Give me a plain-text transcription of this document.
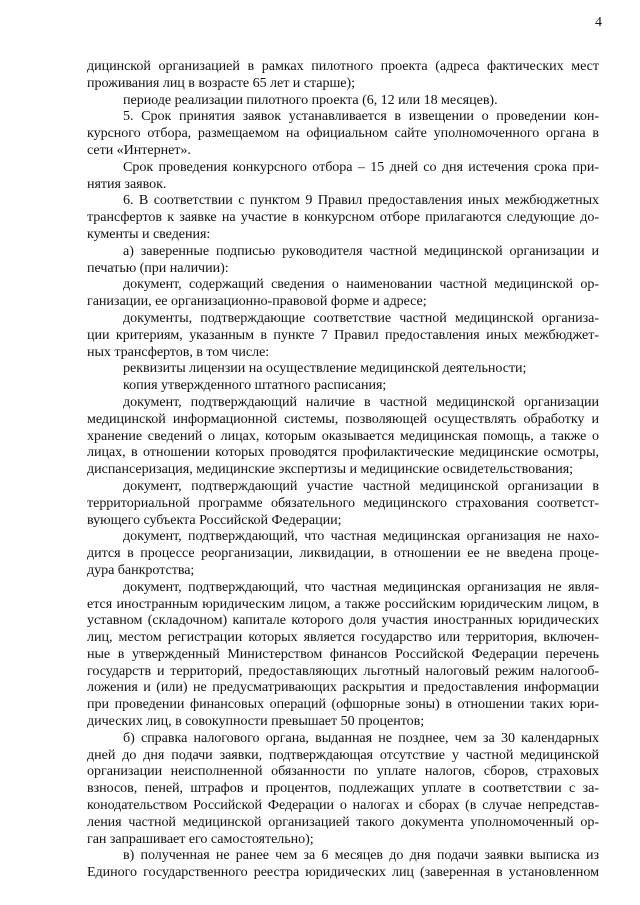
4
дицинской организацией в рамках пилотного проекта (адреса фактических мест
проживания лиц в возрасте 65 лет и старше);
периоде реализации пилотного проекта (6, 12 или 18 месяцев).
5. Срок принятия заявок устанавливается в извещении о проведении кон-
курсного отбора, размещаемом на официальном сайте уполномоченного органа в
сети «Интернет».
Срок проведения конкурсного отбора – 15 дней со дня истечения срока при-
нятия заявок.
6. В соответствии с пунктом 9 Правил предоставления иных межбюджетных
трансфертов к заявке на участие в конкурсном отборе прилагаются следующие до-
кументы и сведения:
а) заверенные подписью руководителя частной медицинской организации и
печатью (при наличии):
документ, содержащий сведения о наименовании частной медицинской ор-
ганизации, ее организационно-правовой форме и адресе;
документы, подтверждающие соответствие частной медицинской организа-
ции критериям, указанным в пункте 7 Правил предоставления иных межбюджет-
ных трансфертов, в том числе:
реквизиты лицензии на осуществление медицинской деятельности;
копия утвержденного штатного расписания;
документ, подтверждающий наличие в частной медицинской организации
медицинской информационной системы, позволяющей осуществлять обработку и
хранение сведений о лицах, которым оказывается медицинская помощь, а также о
лицах, в отношении которых проводятся профилактические медицинские осмотры,
диспансеризация, медицинские экспертизы и медицинские освидетельствования;
документ, подтверждающий участие частной медицинской организации в
территориальной программе обязательного медицинского страхования соответст-
вующего субъекта Российской Федерации;
документ, подтверждающий, что частная медицинская организация не нахо-
дится в процессе реорганизации, ликвидации, в отношении ее не введена проце-
дура банкротства;
документ, подтверждающий, что частная медицинская организация не явля-
ется иностранным юридическим лицом, а также российским юридическим лицом, в
уставном (складочном) капитале которого доля участия иностранных юридических
лиц, местом регистрации которых является государство или территория, включен-
ные в утвержденный Министерством финансов Российской Федерации перечень
государств и территорий, предоставляющих льготный налоговый режим налогооб-
ложения и (или) не предусматривающих раскрытия и предоставления информации
при проведении финансовых операций (офшорные зоны) в отношении таких юри-
дических лиц, в совокупности превышает 50 процентов;
б) справка налогового органа, выданная не позднее, чем за 30 календарных
дней до дня подачи заявки, подтверждающая отсутствие у частной медицинской
организации неисполненной обязанности по уплате налогов, сборов, страховых
взносов, пеней, штрафов и процентов, подлежащих уплате в соответствии с за-
конодательством Российской Федерации о налогах и сборах (в случае непредстав-
ления частной медицинской организацией такого документа уполномоченный ор-
ган запрашивает его самостоятельно);
в) полученная не ранее чем за 6 месяцев до дня подачи заявки выписка из
Единого государственного реестра юридических лиц (заверенная в установленном
